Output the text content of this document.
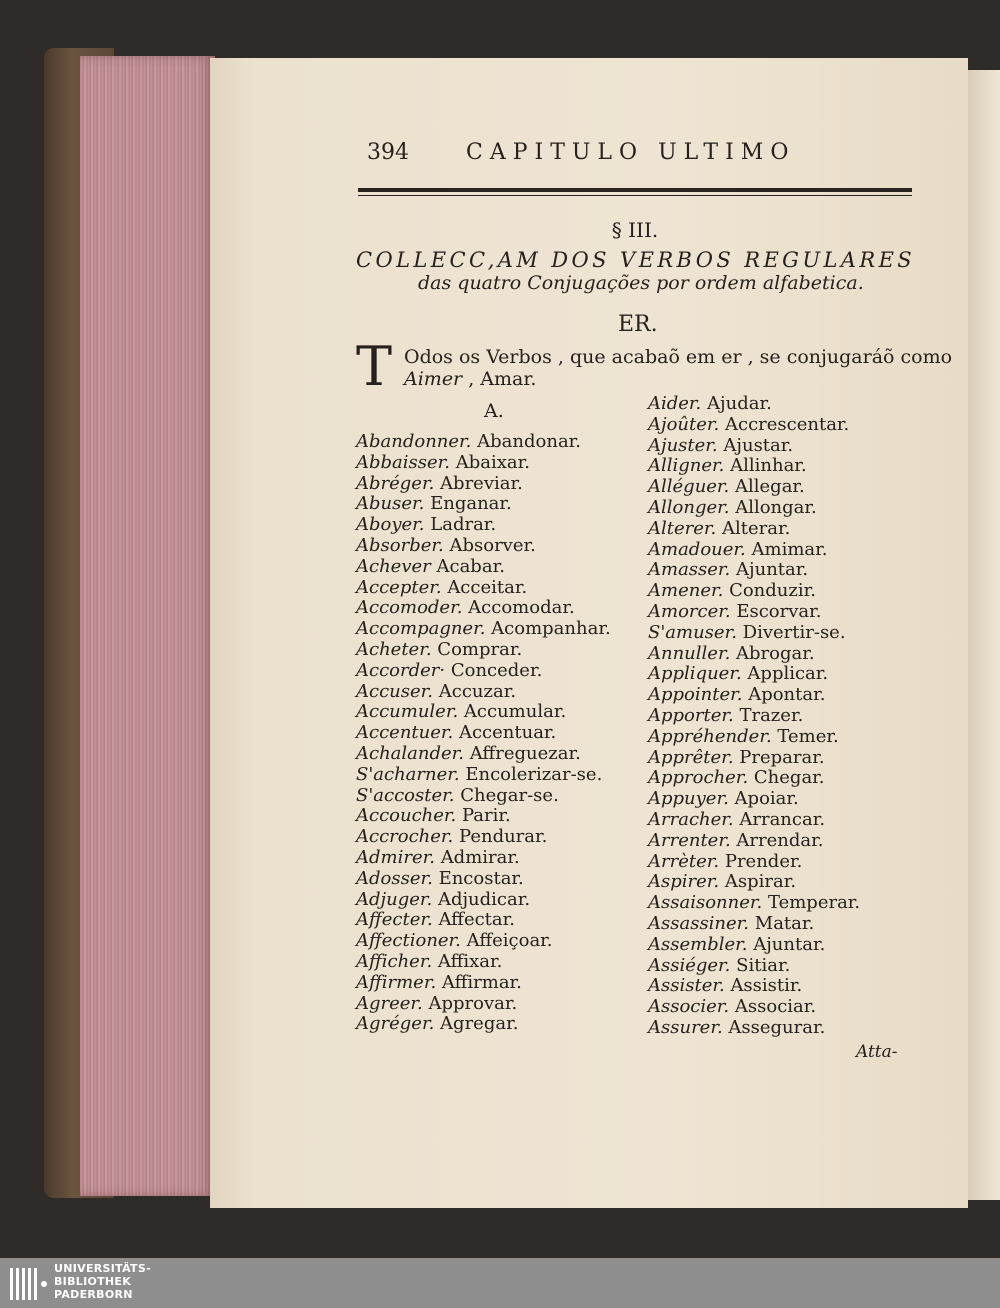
394	CAPITULO ULTIMO
§ III.
COLLECC,AM DOS VERBOS REGULARES
das quatro Conjugações por ordem alfabetica.
ER.
T Odos os Verbos , que acabaõ em er , se conjugaráõ como
Aimer , Amar.
A.
Abandonner. Abandonar.
Abbaisser. Abaixar.
Abréger. Abreviar.
Abuser. Enganar.
Aboyer. Ladrar.
Absorber. Absorver.
Achever Acabar.
Accepter. Acceitar.
Accomoder. Accomodar.
Accompagner. Acompanhar.
Acheter. Comprar.
Accorder· Conceder.
Accuser. Accuzar.
Accumuler. Accumular.
Accentuer. Accentuar.
Achalander. Affreguezar.
S'acharner. Encolerizar-se.
S'accoster. Chegar-se.
Accoucher. Parir.
Accrocher. Pendurar.
Admirer. Admirar.
Adosser. Encostar.
Adjuger. Adjudicar.
Affecter. Affectar.
Affectioner. Affeiçoar.
Afficher. Affixar.
Affirmer. Affirmar.
Agreer. Approvar.
Agréger. Agregar.
Aider. Ajudar.
Ajoûter. Accrescentar.
Ajuster. Ajustar.
Alligner. Allinhar.
Alléguer. Allegar.
Allonger. Allongar.
Alterer. Alterar.
Amadouer. Amimar.
Amasser. Ajuntar.
Amener. Conduzir.
Amorcer. Escorvar.
S'amuser. Divertir-se.
Annuller. Abrogar.
Appliquer. Applicar.
Appointer. Apontar.
Apporter. Trazer.
Appréhender. Temer.
Apprêter. Preparar.
Approcher. Chegar.
Appuyer. Apoiar.
Arracher. Arrancar.
Arrenter. Arrendar.
Arrèter. Prender.
Aspirer. Aspirar.
Assaisonner. Temperar.
Assassiner. Matar.
Assembler. Ajuntar.
Assiéger. Sitiar.
Assister. Assistir.
Associer. Associar.
Assurer. Assegurar.
Atta-
UNIVERSITÄTS-
BIBLIOTHEK
PADERBORN
